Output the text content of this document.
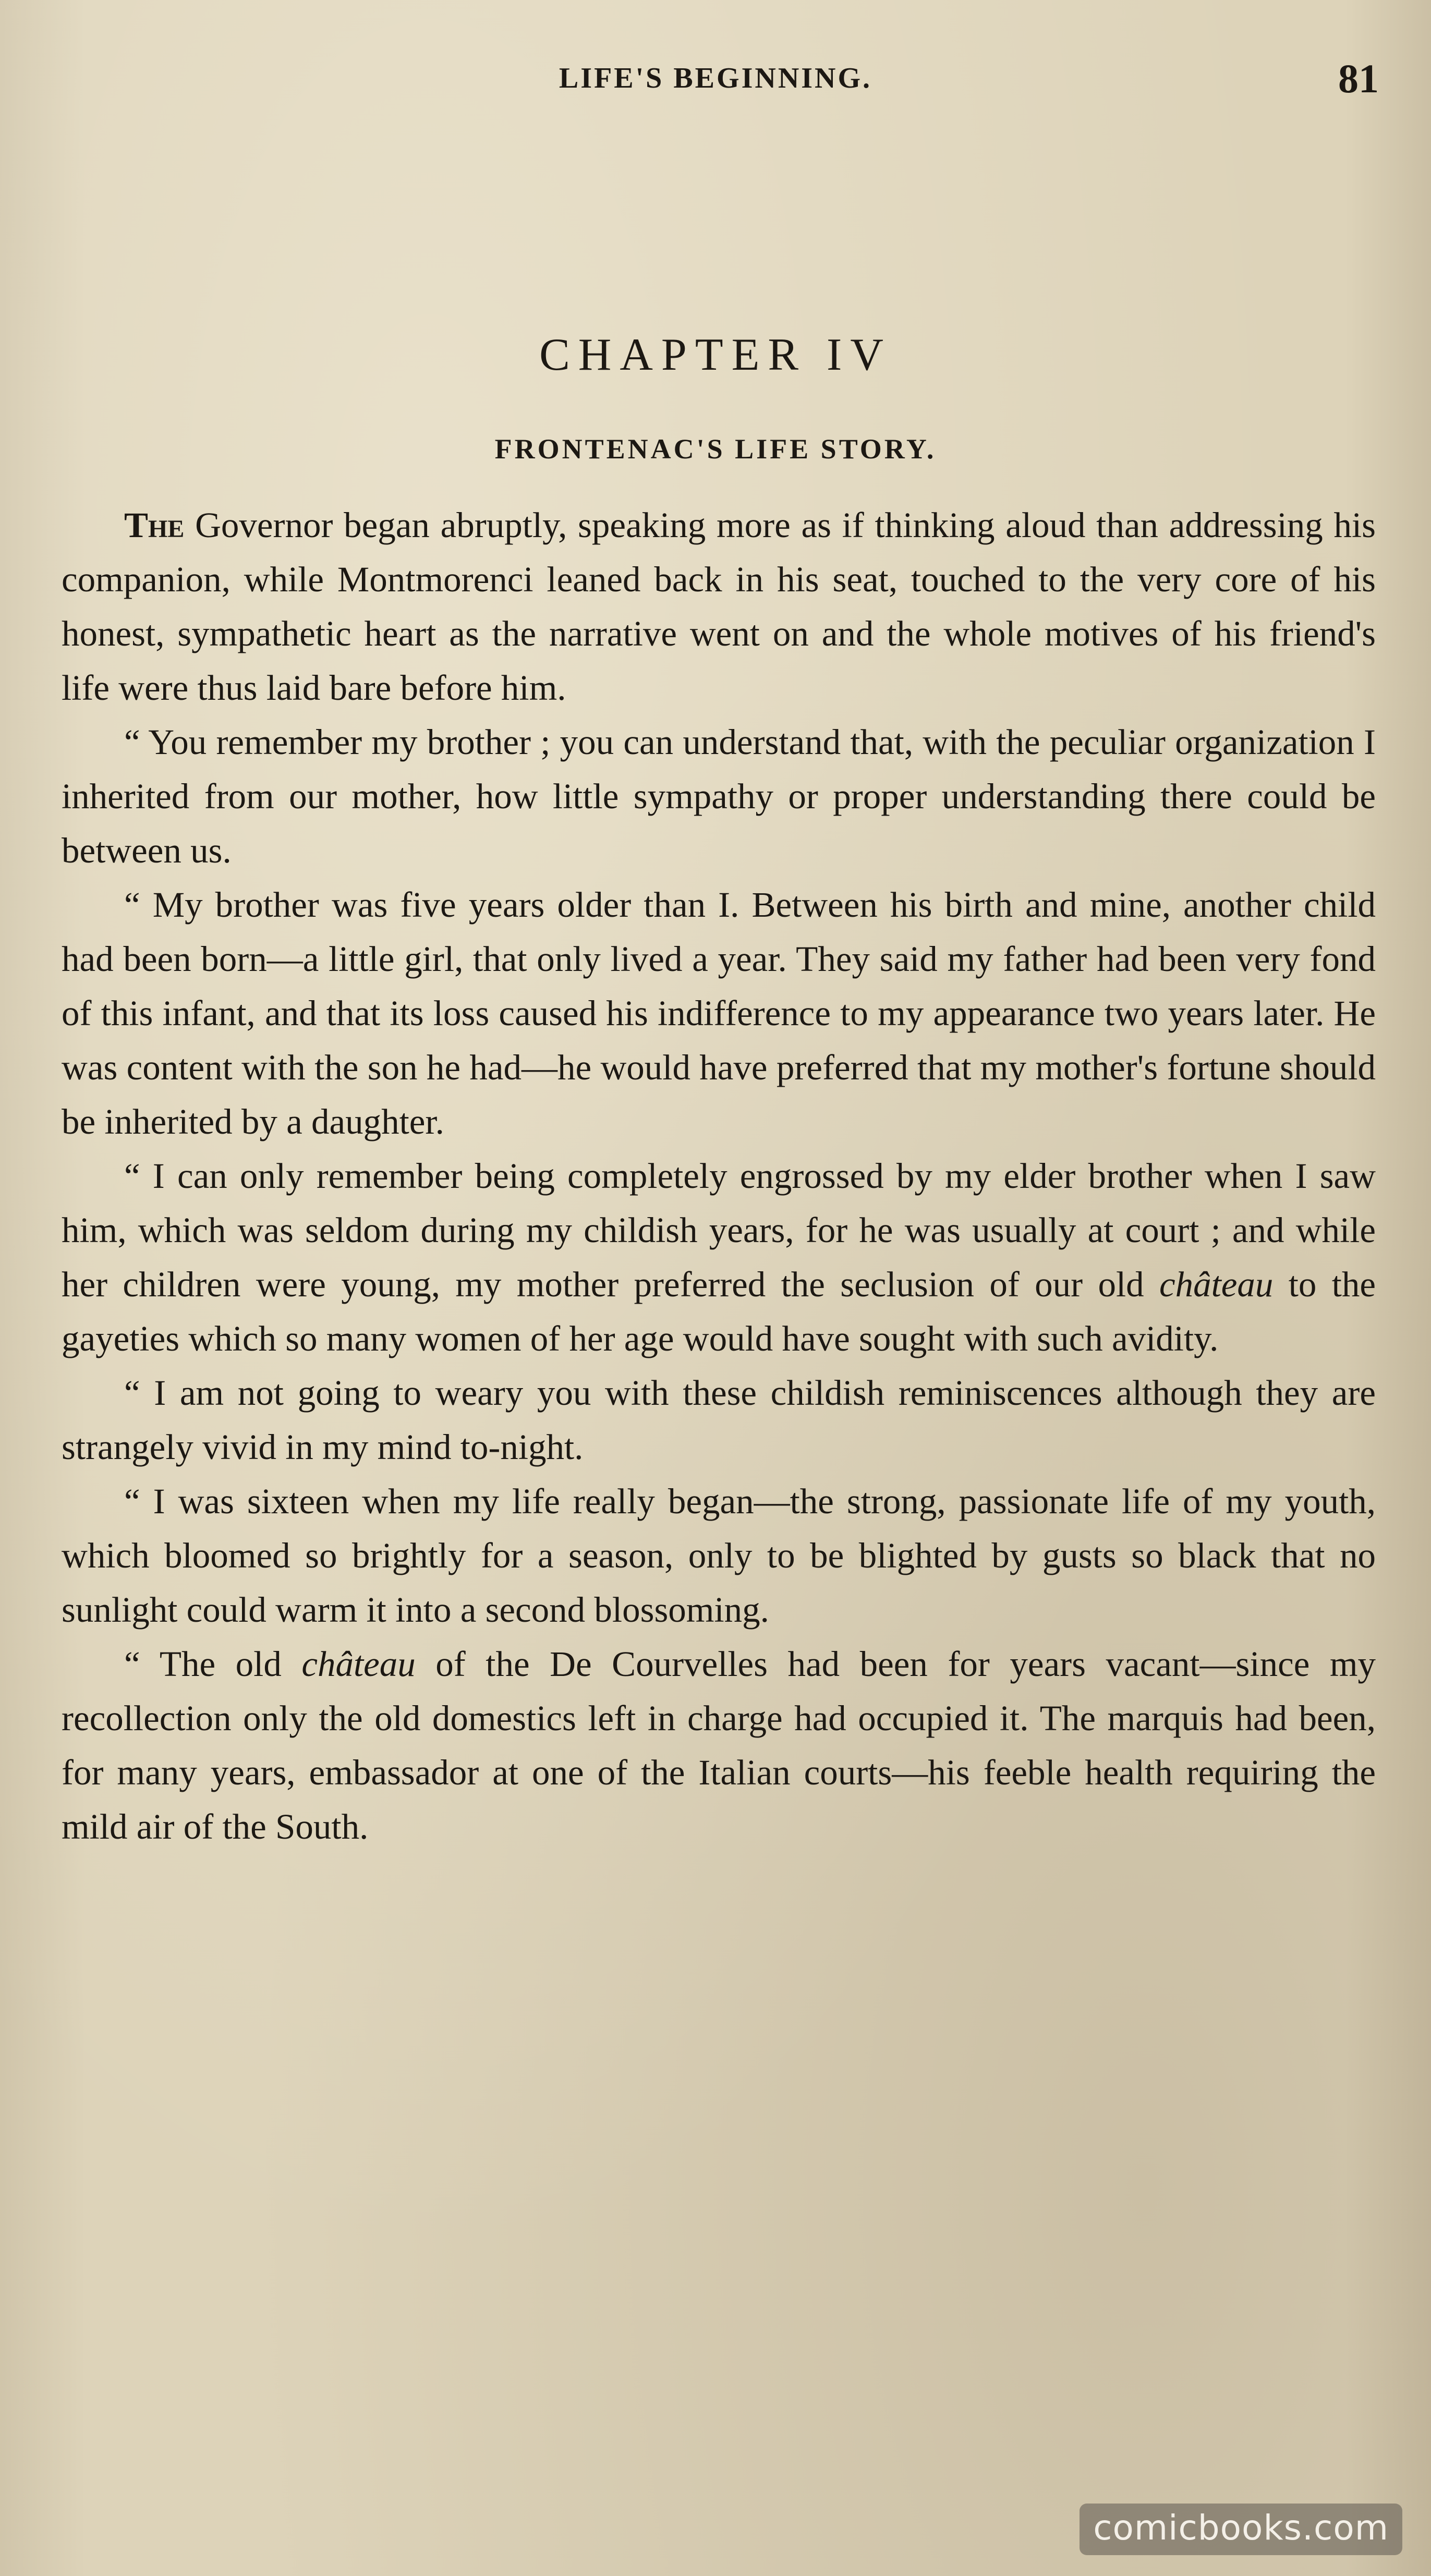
LIFE'S BEGINNING.	81
CHAPTER IV
FRONTENAC'S LIFE STORY.

The Governor began abruptly, speaking more as if thinking aloud than addressing his companion, while Montmorenci leaned back in his seat, touched to the very core of his honest, sympathetic heart as the narrative went on and the whole motives of his friend's life were thus laid bare before him.

“ You remember my brother ; you can understand that, with the peculiar organization I inherited from our mother, how little sympathy or proper understanding there could be between us.

“ My brother was five years older than I. Between his birth and mine, another child had been born—a little girl, that only lived a year. They said my father had been very fond of this infant, and that its loss caused his indifference to my appearance two years later. He was content with the son he had—he would have preferred that my mother's fortune should be inherited by a daughter.

“ I can only remember being completely engrossed by my elder brother when I saw him, which was seldom during my childish years, for he was usually at court ; and while her children were young, my mother preferred the seclusion of our old château to the gayeties which so many women of her age would have sought with such avidity.

“ I am not going to weary you with these childish reminiscences although they are strangely vivid in my mind to-night.

“ I was sixteen when my life really began—the strong, passionate life of my youth, which bloomed so brightly for a season, only to be blighted by gusts so black that no sunlight could warm it into a second blossoming.

“ The old château of the De Courvelles had been for years vacant—since my recollection only the old domestics left in charge had occupied it. The marquis had been, for many years, embassador at one of the Italian courts—his feeble health requiring the mild air of the South.

comicbooks.com
